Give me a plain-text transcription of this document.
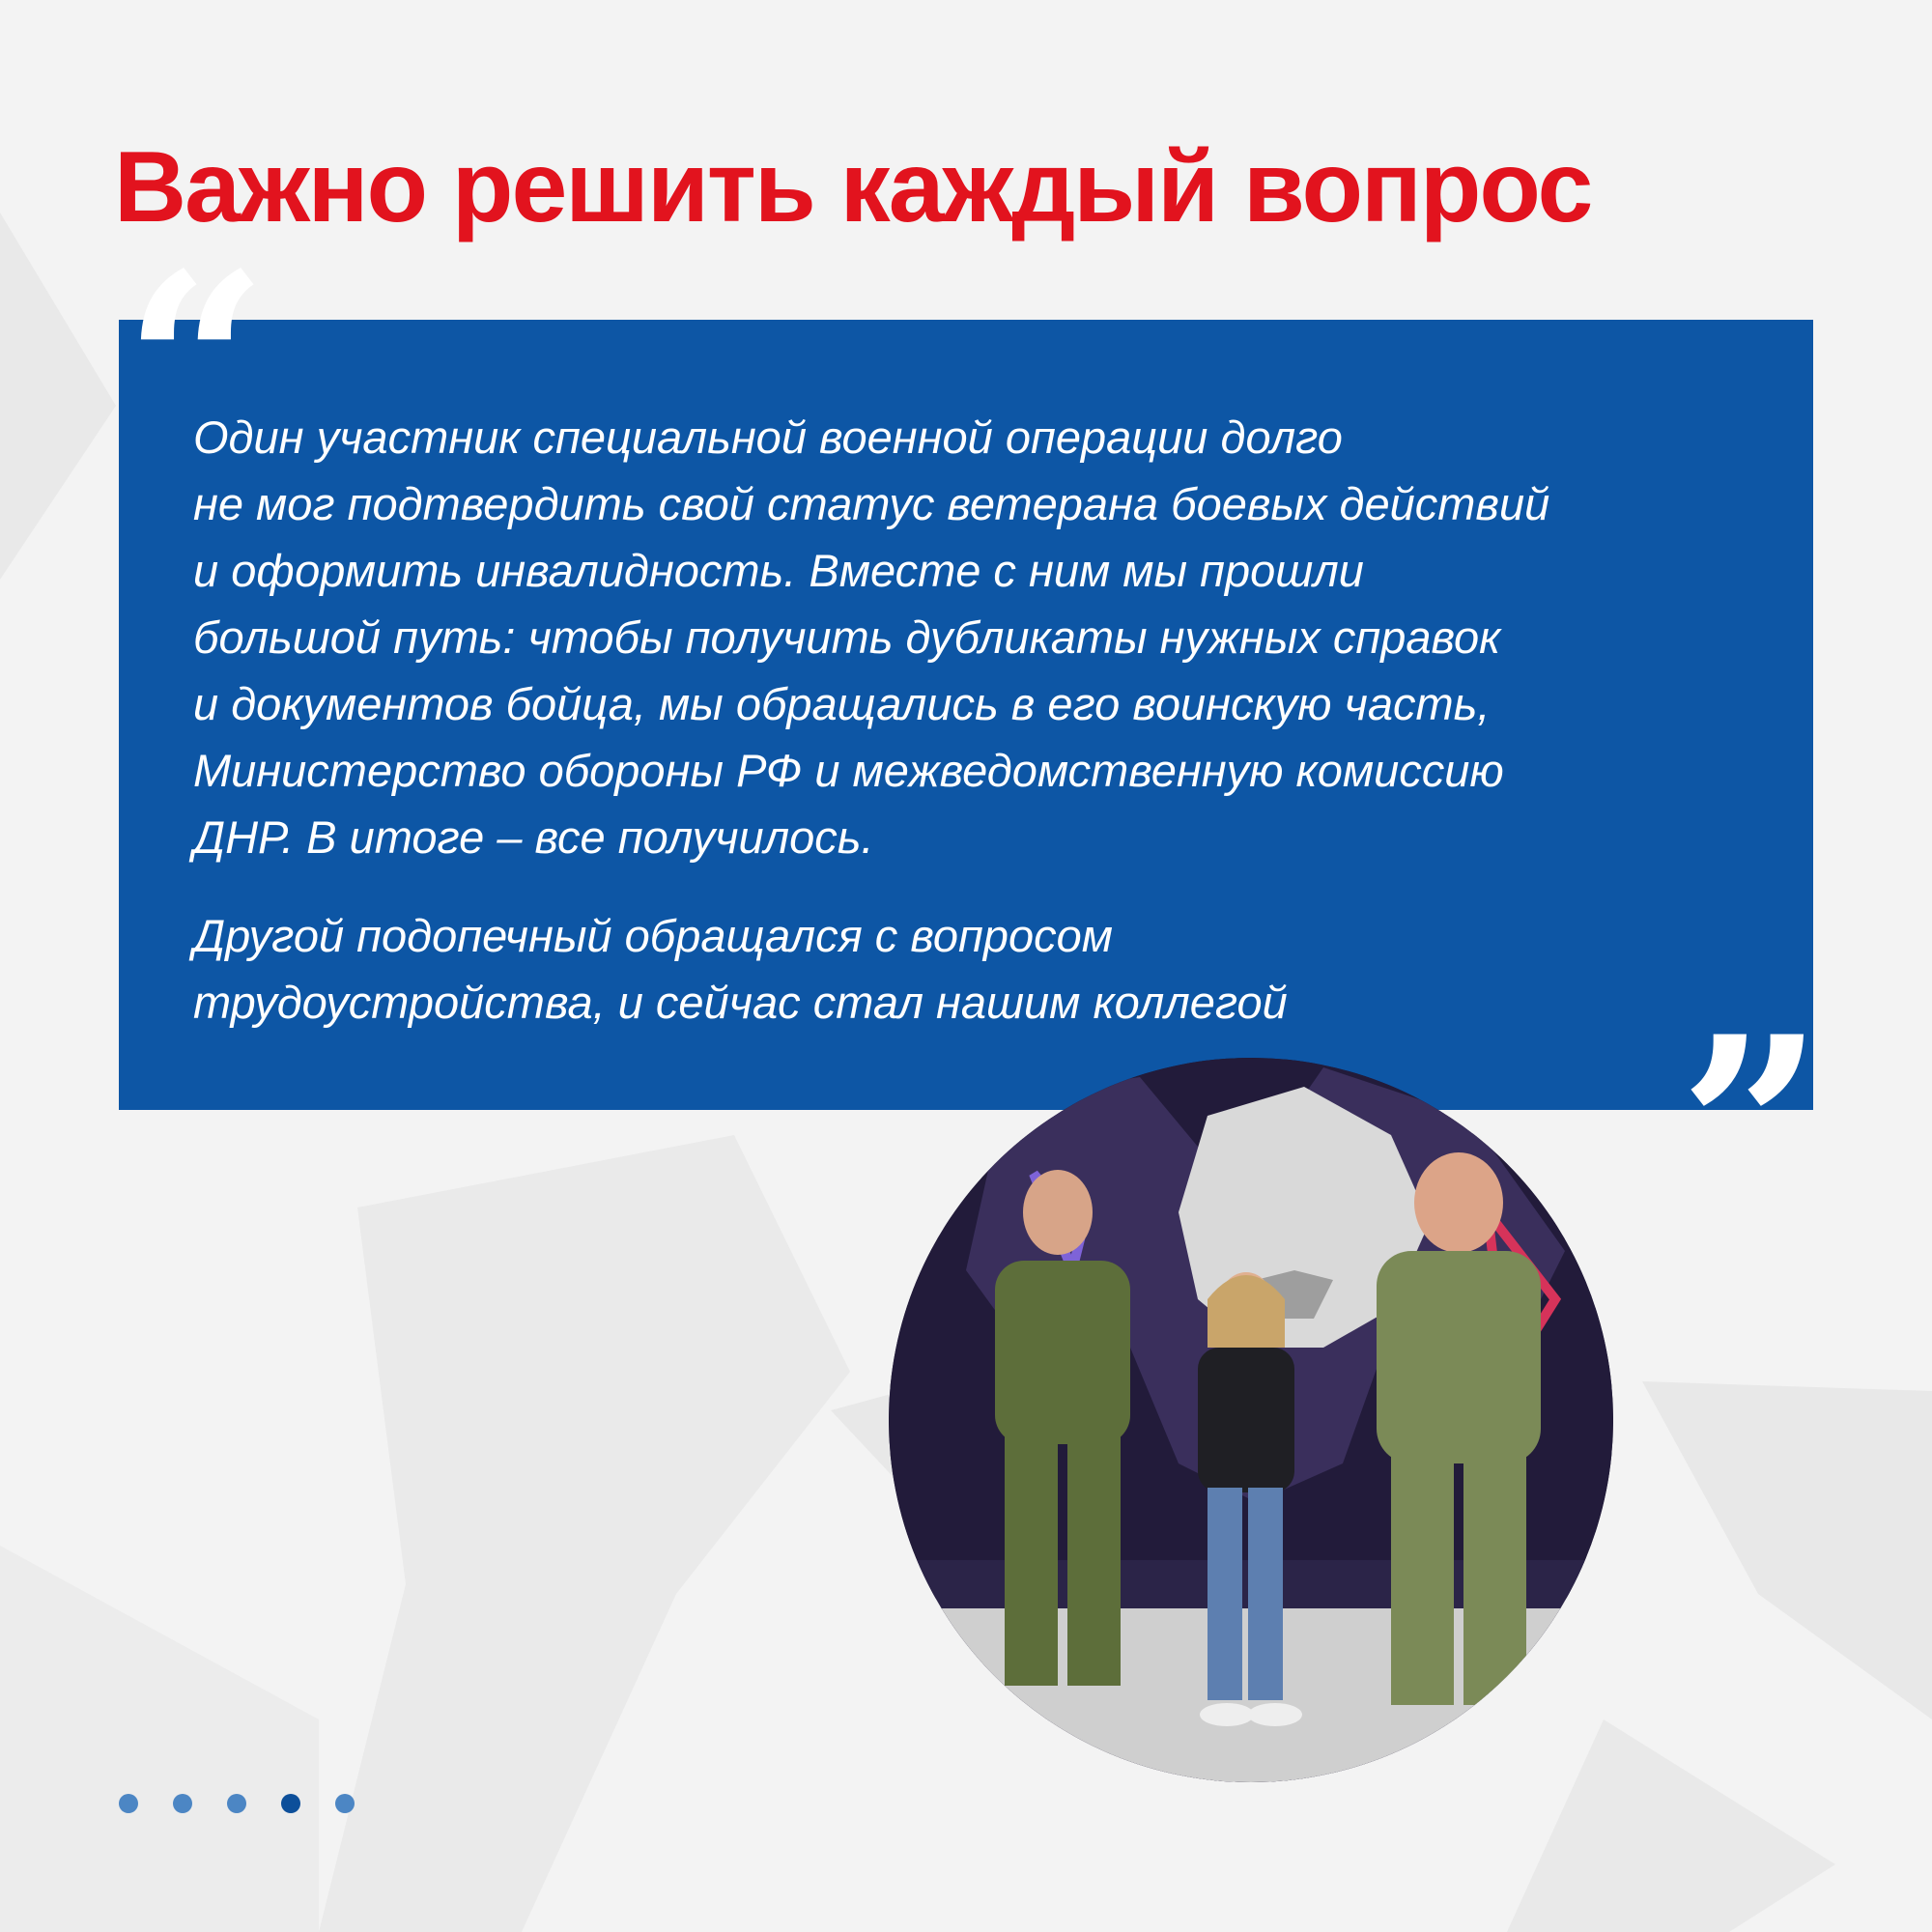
Важно решить каждый вопрос
“

Один участник специальной военной операции долго
не мог подтвердить свой статус ветерана боевых действий
и оформить инвалидность. Вместе с ним мы прошли
большой путь: чтобы получить дубликаты нужных справок
и документов бойца, мы обращались в его воинскую часть,
Министерство обороны РФ и межведомственную комиссию
ДНР. В итоге – все получилось.

Другой подопечный обращался с вопросом
трудоустройства, и сейчас стал нашим коллегой	”
